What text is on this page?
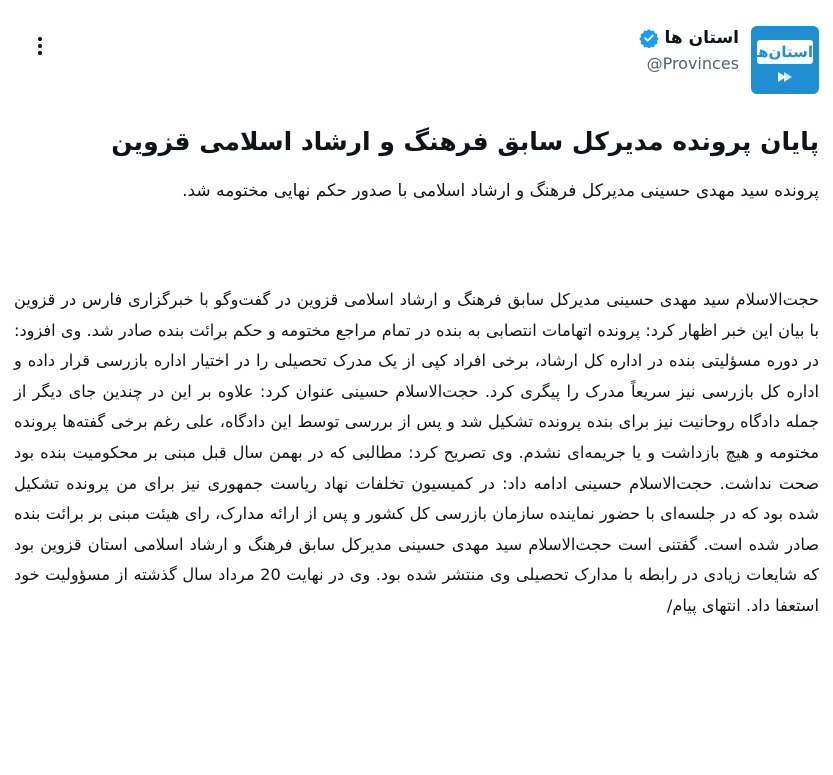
استان‌ها
استان ها
@Provinces
پایان پرونده مدیرکل سابق فرهنگ و ارشاد اسلامی قزوین
پرونده سید مهدی حسینی مدیرکل فرهنگ و ارشاد اسلامی با صدور حکم نهایی مختومه شد.
حجت‌الاسلام سید مهدی حسینی مدیرکل سابق فرهنگ و ارشاد اسلامی قزوین در گفت‌وگو با خبرگزاری فارس در قزوین با بیان این خبر اظهار کرد: پرونده اتهامات انتصابی به بنده در تمام مراجع مختومه و حکم برائت بنده صادر شد. وی افزود: در دوره مسؤلیتی بنده در اداره کل ارشاد، برخی افراد کپی از یک مدرک تحصیلی را در اختیار اداره بازرسی قرار داده و اداره کل بازرسی نیز سریعاً مدرک را پیگری کرد. حجت‌الاسلام حسینی عنوان کرد: علاوه بر این در چندین جای دیگر از جمله دادگاه روحانیت نیز برای بنده پرونده تشکیل شد و پس از بررسی توسط این دادگاه، علی رغم برخی گفته‌ها پرونده مختومه و هیچ بازداشت و یا جریمه‌ای نشدم. وی تصریح کرد: مطالبی که در بهمن سال قبل مبنی بر محکومیت بنده بود صحت نداشت. حجت‌الاسلام حسینی ادامه داد: در کمیسیون تخلفات نهاد ریاست جمهوری نیز برای من پرونده تشکیل شده بود که در جلسه‌ای با حضور نماینده سازمان بازرسی کل کشور و پس از ارائه مدارک، رای هیئت مبنی بر برائت بنده صادر شده است. گفتنی است حجت‌الاسلام سید مهدی حسینی مدیرکل سابق فرهنگ و ارشاد اسلامی استان قزوین بود که شایعات زیادی در رابطه با مدارک تحصیلی وی منتشر شده بود. وی در نهایت 20 مرداد سال گذشته از مسؤولیت خود استعفا داد. انتهای پیام/
